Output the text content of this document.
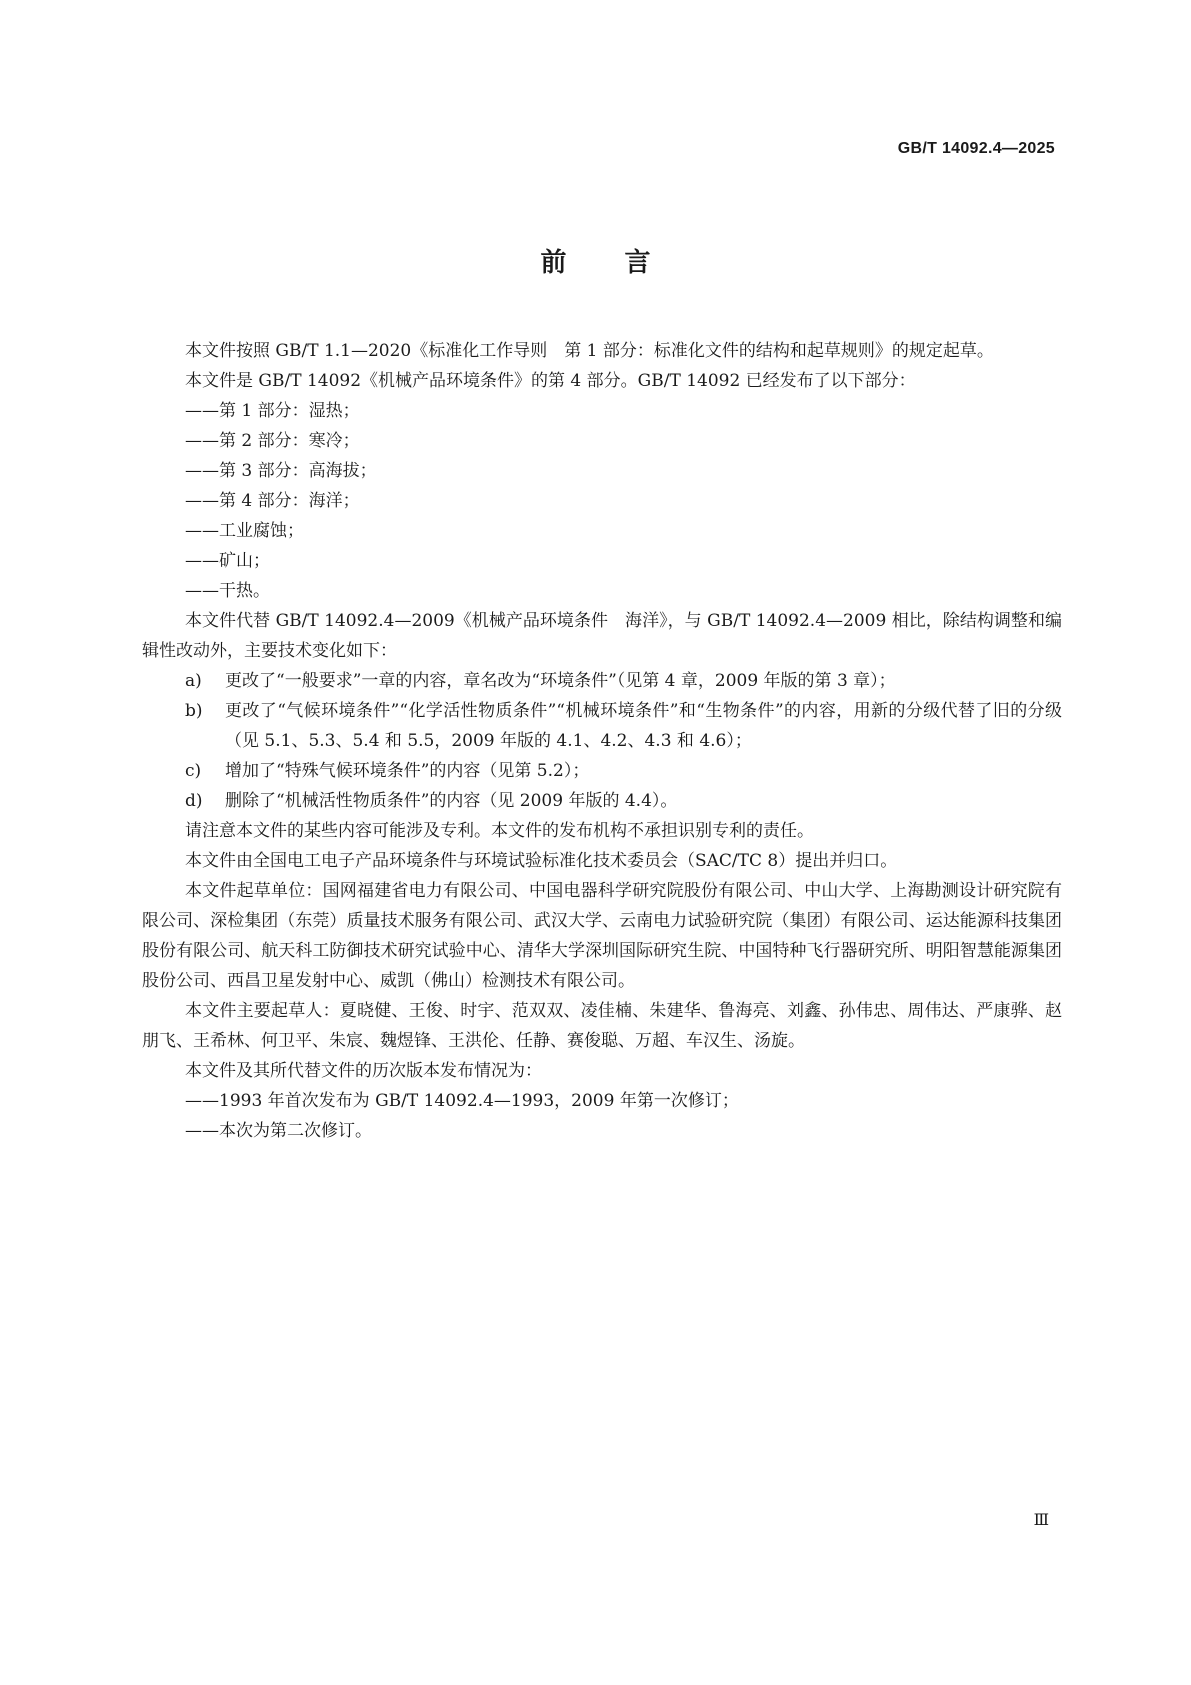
GB/T 14092.4—2025
前言

本文件按照 GB/T 1.1—2020《标准化工作导则　第 1 部分：标准化文件的结构和起草规则》的规定起草。

本文件是 GB/T 14092《机械产品环境条件》的第 4 部分。GB/T 14092 已经发布了以下部分：

——第 1 部分：湿热；

——第 2 部分：寒冷；

——第 3 部分：高海拔；

——第 4 部分：海洋；

——工业腐蚀；

——矿山；

——干热。

本文件代替 GB/T 14092.4—2009《机械产品环境条件　海洋》，与 GB/T 14092.4—2009 相比，除结构调整和编辑性改动外，主要技术变化如下：

a) 更改了“一般要求”一章的内容，章名改为“环境条件”（见第 4 章，2009 年版的第 3 章）；
b) 更改了“气候环境条件”“化学活性物质条件”“机械环境条件”和“生物条件”的内容，用新的分级代替了旧的分级（见 5.1、5.3、5.4 和 5.5，2009 年版的 4.1、4.2、4.3 和 4.6）；
c) 增加了“特殊气候环境条件”的内容（见第 5.2）；
d) 删除了“机械活性物质条件”的内容（见 2009 年版的 4.4）。

请注意本文件的某些内容可能涉及专利。本文件的发布机构不承担识别专利的责任。

本文件由全国电工电子产品环境条件与环境试验标准化技术委员会（SAC/TC 8）提出并归口。

本文件起草单位：国网福建省电力有限公司、中国电器科学研究院股份有限公司、中山大学、上海勘测设计研究院有限公司、深检集团（东莞）质量技术服务有限公司、武汉大学、云南电力试验研究院（集团）有限公司、运达能源科技集团股份有限公司、航天科工防御技术研究试验中心、清华大学深圳国际研究生院、中国特种飞行器研究所、明阳智慧能源集团股份公司、西昌卫星发射中心、威凯（佛山）检测技术有限公司。

本文件主要起草人：夏晓健、王俊、时宇、范双双、凌佳楠、朱建华、鲁海亮、刘鑫、孙伟忠、周伟达、严康骅、赵朋飞、王希林、何卫平、朱宸、魏煜锋、王洪伦、任静、赛俊聪、万超、车汉生、汤旋。

本文件及其所代替文件的历次版本发布情况为：

——1993 年首次发布为 GB/T 14092.4—1993，2009 年第一次修订；

——本次为第二次修订。

Ⅲ
